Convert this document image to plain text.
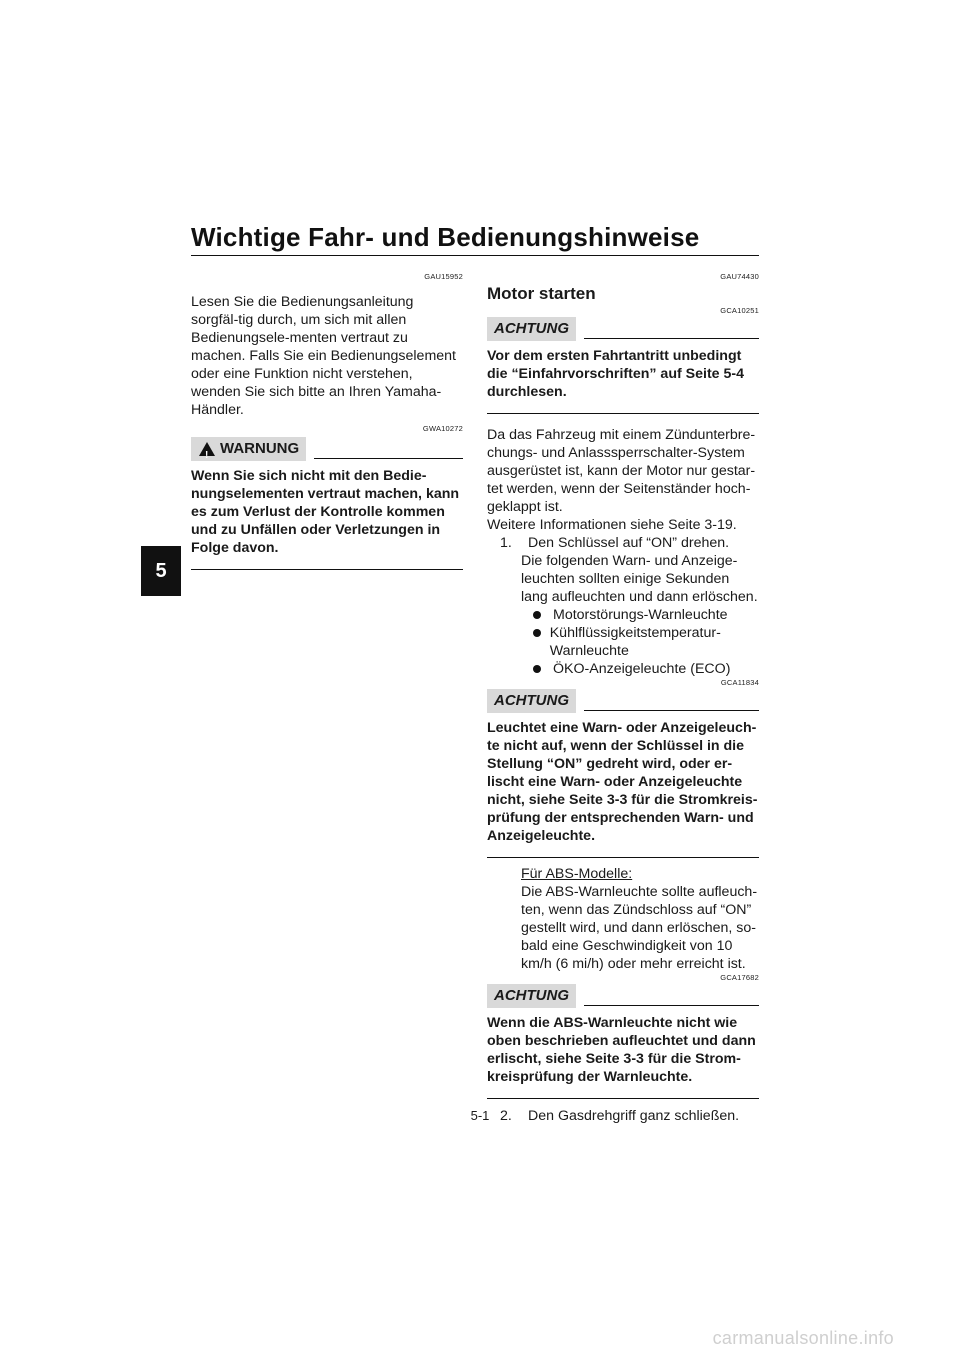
Wichtige Fahr- und Bedienungshinweise
5
GAU15952

Lesen Sie die Bedienungsanleitung sorgfäl-tig durch, um sich mit allen Bedienungsele-menten vertraut zu machen. Falls Sie ein Bedienungselement oder eine Funktion nicht verstehen, wenden Sie sich bitte an Ihren Yamaha-Händler.

GWA10272
! WARNUNG

Wenn Sie sich nicht mit den Bedie-nungselementen vertraut machen, kann es zum Verlust der Kontrolle kommen und zu Unfällen oder Verletzungen in Folge davon.

GAU74430
Motor starten
GCA10251
ACHTUNG

Vor dem ersten Fahrtantritt unbedingt die “Einfahrvorschriften” auf Seite 5-4 durchlesen.

Da das Fahrzeug mit einem Zündunterbre-chungs- und Anlasssperrschalter-System ausgerüstet ist, kann der Motor nur gestar-tet werden, wenn der Seitenständer hoch-geklappt ist.

Weitere Informationen siehe Seite 3-19.

1.	Den Schlüssel auf “ON” drehen.
Die folgenden Warn- und Anzeige-leuchten sollten einige Sekunden lang aufleuchten und dann erlöschen.
Motorstörungs-Warnleuchte
Kühlflüssigkeitstemperatur-Warnleuchte
ÖKO-Anzeigeleuchte (ECO)
GCA11834
ACHTUNG

Leuchtet eine Warn- oder Anzeigeleuch-te nicht auf, wenn der Schlüssel in die Stellung “ON” gedreht wird, oder er-lischt eine Warn- oder Anzeigeleuchte nicht, siehe Seite 3-3 für die Stromkreis-prüfung der entsprechenden Warn- und Anzeigeleuchte.

Für ABS-Modelle:
Die ABS-Warnleuchte sollte aufleuch-ten, wenn das Zündschloss auf “ON” gestellt wird, und dann erlöschen, so-bald eine Geschwindigkeit von 10 km/h (6 mi/h) oder mehr erreicht ist.
GCA17682
ACHTUNG

Wenn die ABS-Warnleuchte nicht wie oben beschrieben aufleuchtet und dann erlischt, siehe Seite 3-3 für die Strom-kreisprüfung der Warnleuchte.

2.	Den Gasdrehgriff ganz schließen.
5-1
carmanualsonline.info
